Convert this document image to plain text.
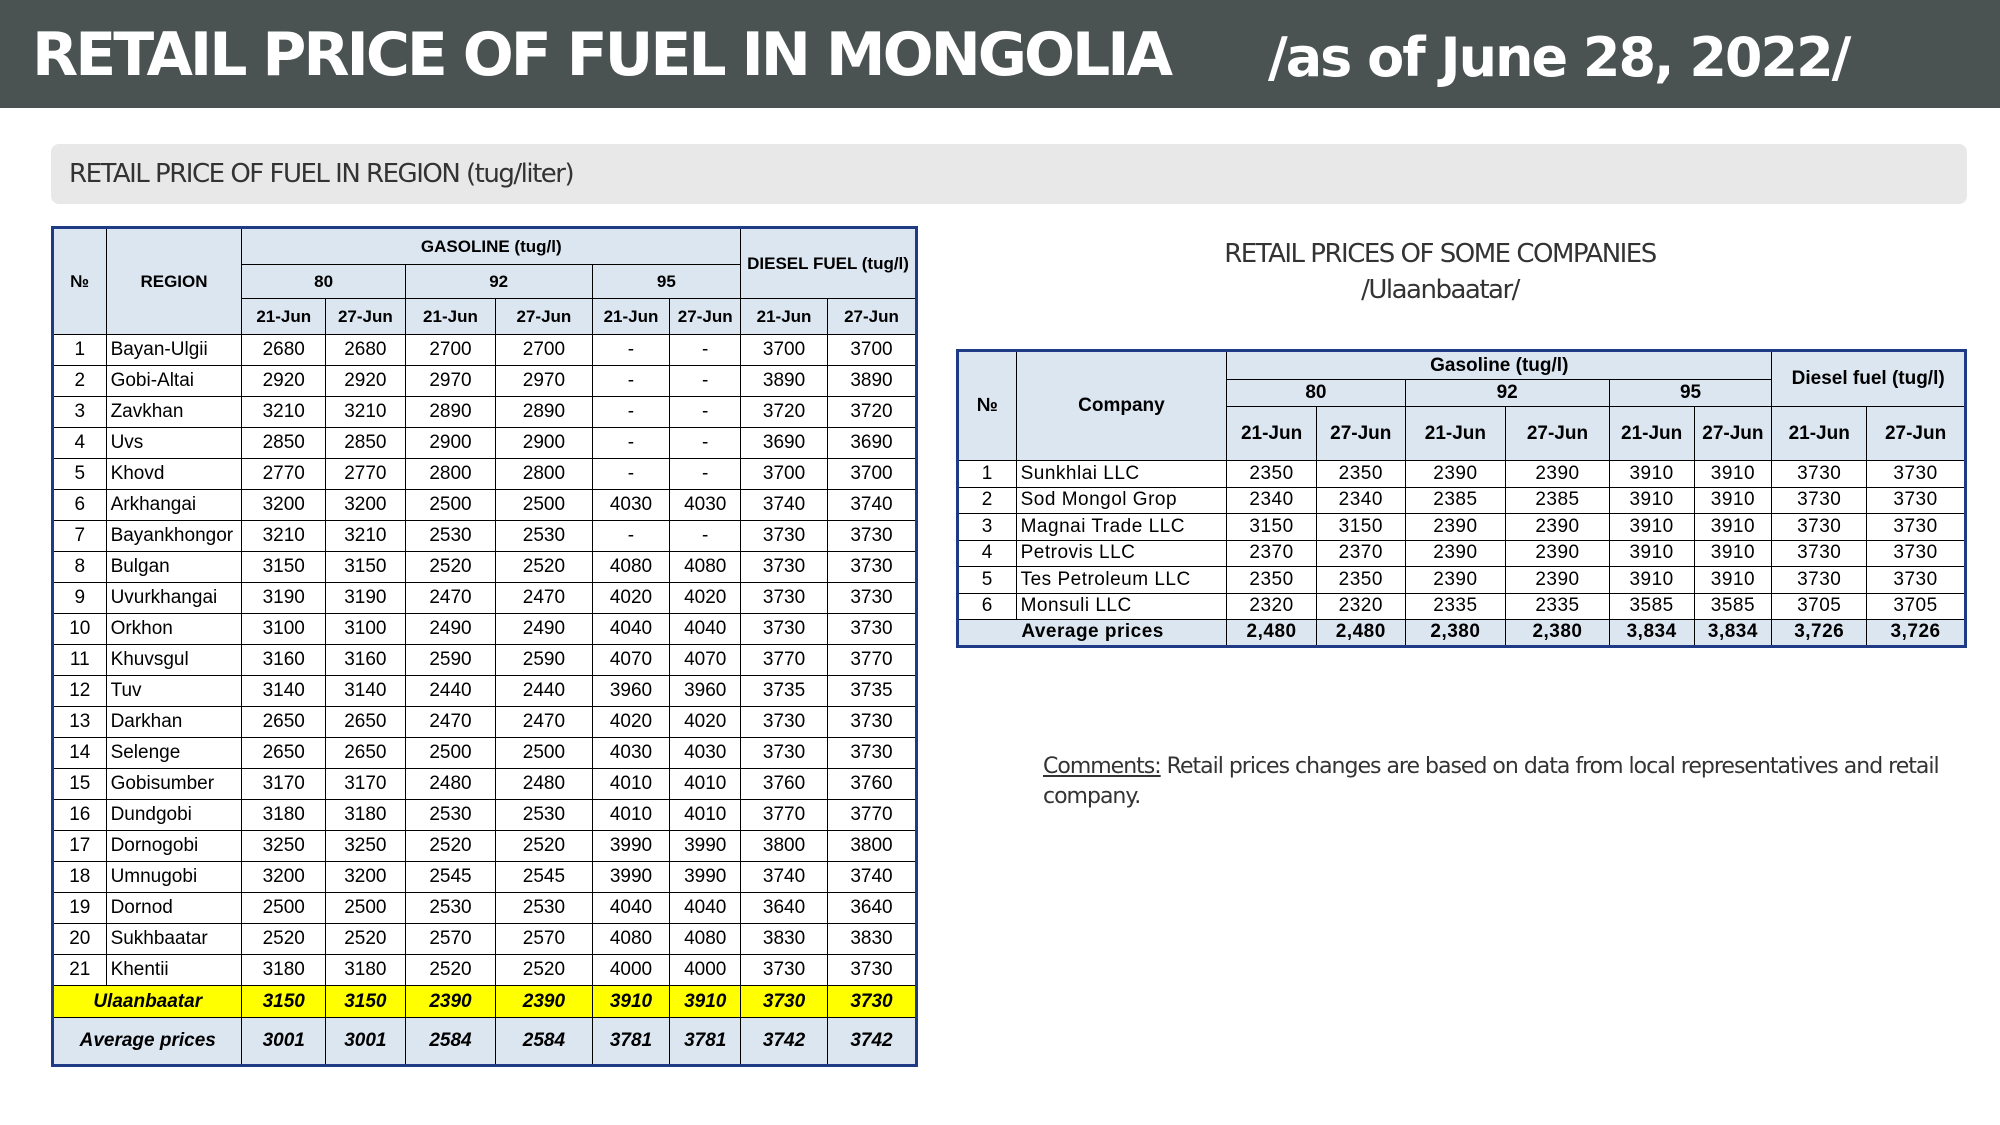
RETAIL PRICE OF FUEL IN MONGOLIA /as of June 28, 2022/
RETAIL PRICE OF FUEL IN REGION (tug/liter)
№	REGION	GASOLINE (tug/l)						DIESEL FUEL (tug/l)	
		80		92		95			
		21-Jun	27-Jun	21-Jun	27-Jun	21-Jun	27-Jun	21-Jun	27-Jun
1	Bayan-Ulgii	2680	2680	2700	2700	-	-	3700	3700
2	Gobi-Altai	2920	2920	2970	2970	-	-	3890	3890
3	Zavkhan	3210	3210	2890	2890	-	-	3720	3720
4	Uvs	2850	2850	2900	2900	-	-	3690	3690
5	Khovd	2770	2770	2800	2800	-	-	3700	3700
6	Arkhangai	3200	3200	2500	2500	4030	4030	3740	3740
7	Bayankhongor	3210	3210	2530	2530	-	-	3730	3730
8	Bulgan	3150	3150	2520	2520	4080	4080	3730	3730
9	Uvurkhangai	3190	3190	2470	2470	4020	4020	3730	3730
10	Orkhon	3100	3100	2490	2490	4040	4040	3730	3730
11	Khuvsgul	3160	3160	2590	2590	4070	4070	3770	3770
12	Tuv	3140	3140	2440	2440	3960	3960	3735	3735
13	Darkhan	2650	2650	2470	2470	4020	4020	3730	3730
14	Selenge	2650	2650	2500	2500	4030	4030	3730	3730
15	Gobisumber	3170	3170	2480	2480	4010	4010	3760	3760
16	Dundgobi	3180	3180	2530	2530	4010	4010	3770	3770
17	Dornogobi	3250	3250	2520	2520	3990	3990	3800	3800
18	Umnugobi	3200	3200	2545	2545	3990	3990	3740	3740
19	Dornod	2500	2500	2530	2530	4040	4040	3640	3640
20	Sukhbaatar	2520	2520	2570	2570	4080	4080	3830	3830
21	Khentii	3180	3180	2520	2520	4000	4000	3730	3730
Ulaanbaatar		3150	3150	2390	2390	3910	3910	3730	3730
Average prices		3001	3001	2584	2584	3781	3781	3742	3742
RETAIL PRICES OF SOME COMPANIES
/Ulaanbaatar/
№	Company	Gasoline (tug/l)						Diesel fuel (tug/l)	
		80		92		95			
		21-Jun	27-Jun	21-Jun	27-Jun	21-Jun	27-Jun	21-Jun	27-Jun
1	Sunkhlai LLC	2350	2350	2390	2390	3910	3910	3730	3730
2	Sod Mongol Grop	2340	2340	2385	2385	3910	3910	3730	3730
3	Magnai Trade LLC	3150	3150	2390	2390	3910	3910	3730	3730
4	Petrovis LLC	2370	2370	2390	2390	3910	3910	3730	3730
5	Tes Petroleum LLC	2350	2350	2390	2390	3910	3910	3730	3730
6	Monsuli LLC	2320	2320	2335	2335	3585	3585	3705	3705
Average prices		2,480	2,480	2,380	2,380	3,834	3,834	3,726	3,726
Comments: Retail prices changes are based on data from local representatives and retail company.
